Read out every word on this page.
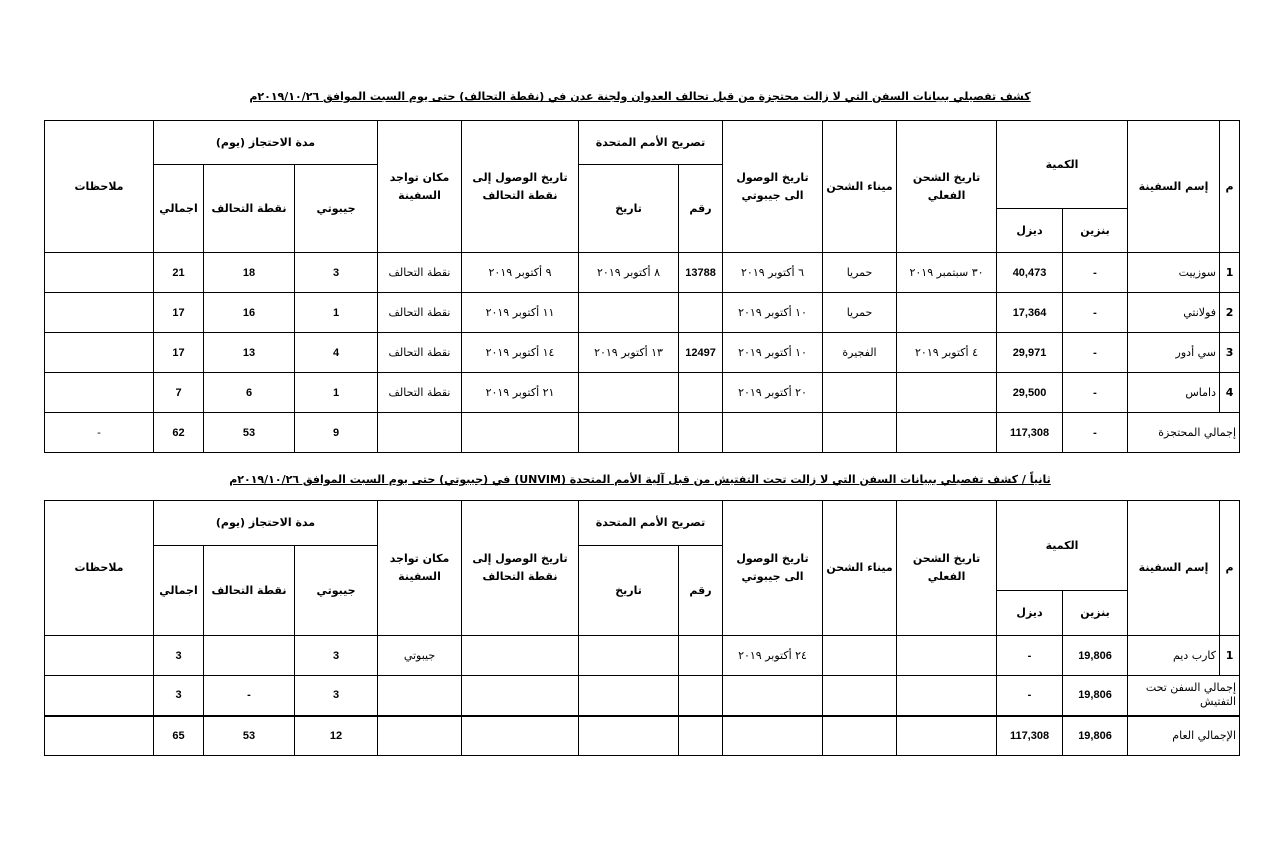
كشف تفصيلي ببيانات السفن التي لا زالت محتجزة من قبل تحالف العدوان ولجنة عدن في (نقطة التحالف) حتى يوم السبت الموافق ٢٠١٩/١٠/٢٦م
م	إسم السفينة	الكمية		تاريخ الشحن الفعلي	ميناء الشحن	تاريخ الوصول الى جيبوتي	تصريح الأمم المتحدة		تاريخ الوصول إلى نقطة التحالف	مكان تواجد السفينة	مدة الاحتجاز (يوم)			ملاحظات
							رقم	تاريخ			جيبوتي	نقطة التحالف	اجمالي	
		بنزين	ديزل											
1	سوزييت	-	40,473	٣٠ سبتمبر ٢٠١٩	حمريا	٦ أكتوبر ٢٠١٩	13788	٨ أكتوبر ٢٠١٩	٩ أكتوبر ٢٠١٩	نقطة التحالف	3	18	21	
2	فولانتي	-	17,364		حمريا	١٠ أكتوبر ٢٠١٩			١١ أكتوبر ٢٠١٩	نقطة التحالف	1	16	17	
3	سي أدور	-	29,971	٤ أكتوبر ٢٠١٩	الفجيرة	١٠ أكتوبر ٢٠١٩	12497	١٣ أكتوبر ٢٠١٩	١٤ أكتوبر ٢٠١٩	نقطة التحالف	4	13	17	
4	داماس	-	29,500			٢٠ أكتوبر ٢٠١٩			٢١ أكتوبر ٢٠١٩	نقطة التحالف	1	6	7	
إجمالي المحتجزة		-	117,308								9	53	62	-
ثانياً / كشف تفصيلي ببيانات السفن التي لا زالت تحت التفتيش من قبل آلية الأمم المتحدة (UNVIM) في (جيبوتي) حتى يوم السبت الموافق ٢٠١٩/١٠/٢٦م
م	إسم السفينة	الكمية		تاريخ الشحن الفعلي	ميناء الشحن	تاريخ الوصول الى جيبوتي	تصريح الأمم المتحدة		تاريخ الوصول إلى نقطة التحالف	مكان تواجد السفينة	مدة الاحتجاز (يوم)			ملاحظات
							رقم	تاريخ			جيبوتي	نقطة التحالف	اجمالي	
		بنزين	ديزل											
1	كارب ديم	19,806	-			٢٤ أكتوبر ٢٠١٩				جيبوتي	3		3	
إجمالي السفن تحت التفتيش		19,806	-								3	-	3	
الإجمالي العام		19,806	117,308								12	53	65	
